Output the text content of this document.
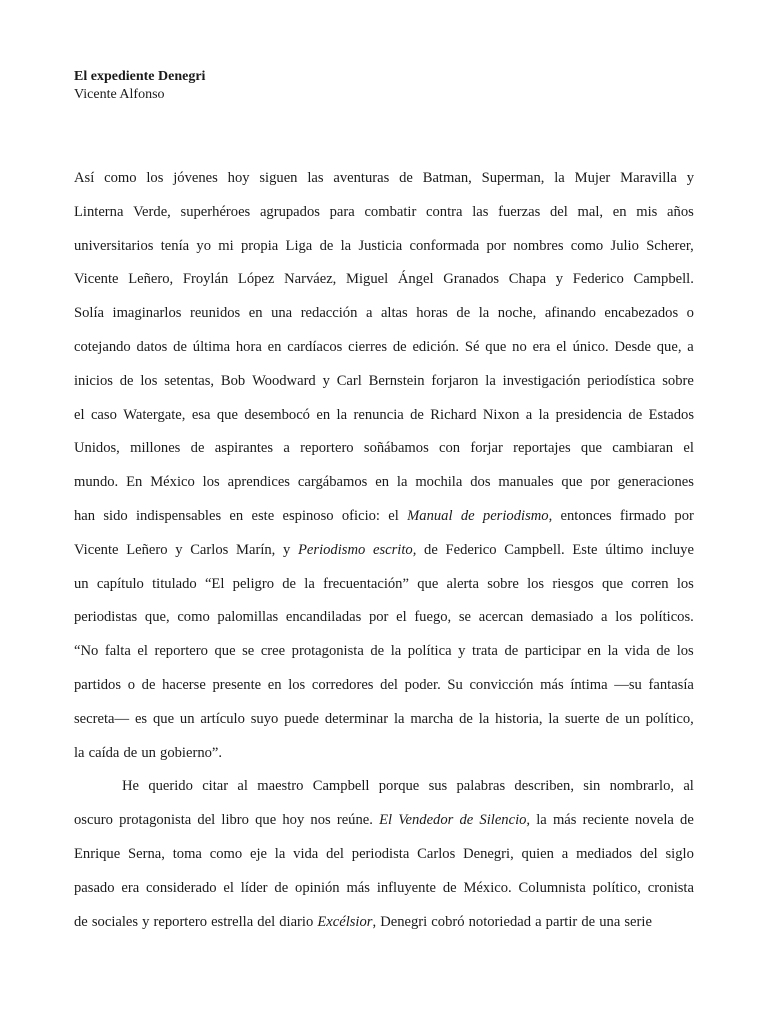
El expediente Denegri

Vicente Alfonso

Así como los jóvenes hoy siguen las aventuras de Batman, Superman, la Mujer Maravilla y
Linterna Verde, superhéroes agrupados para combatir contra las fuerzas del mal, en mis años
universitarios tenía yo mi propia Liga de la Justicia conformada por nombres como Julio Scherer,
Vicente Leñero, Froylán López Narváez, Miguel Ángel Granados Chapa y Federico Campbell.
Solía imaginarlos reunidos en una redacción a altas horas de la noche, afinando encabezados o
cotejando datos de última hora en cardíacos cierres de edición. Sé que no era el único. Desde que, a
inicios de los setentas, Bob Woodward y Carl Bernstein forjaron la investigación periodística sobre
el caso Watergate, esa que desembocó en la renuncia de Richard Nixon a la presidencia de Estados
Unidos, millones de aspirantes a reportero soñábamos con forjar reportajes que cambiaran el
mundo. En México los aprendices cargábamos en la mochila dos manuales que por generaciones
han sido indispensables en este espinoso oficio: el Manual de periodismo, entonces firmado por
Vicente Leñero y Carlos Marín, y Periodismo escrito, de Federico Campbell. Este último incluye
un capítulo titulado “El peligro de la frecuentación” que alerta sobre los riesgos que corren los
periodistas que, como palomillas encandiladas por el fuego, se acercan demasiado a los políticos.
“No falta el reportero que se cree protagonista de la política y trata de participar en la vida de los
partidos o de hacerse presente en los corredores del poder. Su convicción más íntima —su fantasía
secreta— es que un artículo suyo puede determinar la marcha de la historia, la suerte de un político,
la caída de un gobierno”.
He querido citar al maestro Campbell porque sus palabras describen, sin nombrarlo, al
oscuro protagonista del libro que hoy nos reúne. El Vendedor de Silencio, la más reciente novela de
Enrique Serna, toma como eje la vida del periodista Carlos Denegri, quien a mediados del siglo
pasado era considerado el líder de opinión más influyente de México. Columnista político, cronista
de sociales y reportero estrella del diario Excélsior, Denegri cobró notoriedad a partir de una serie
